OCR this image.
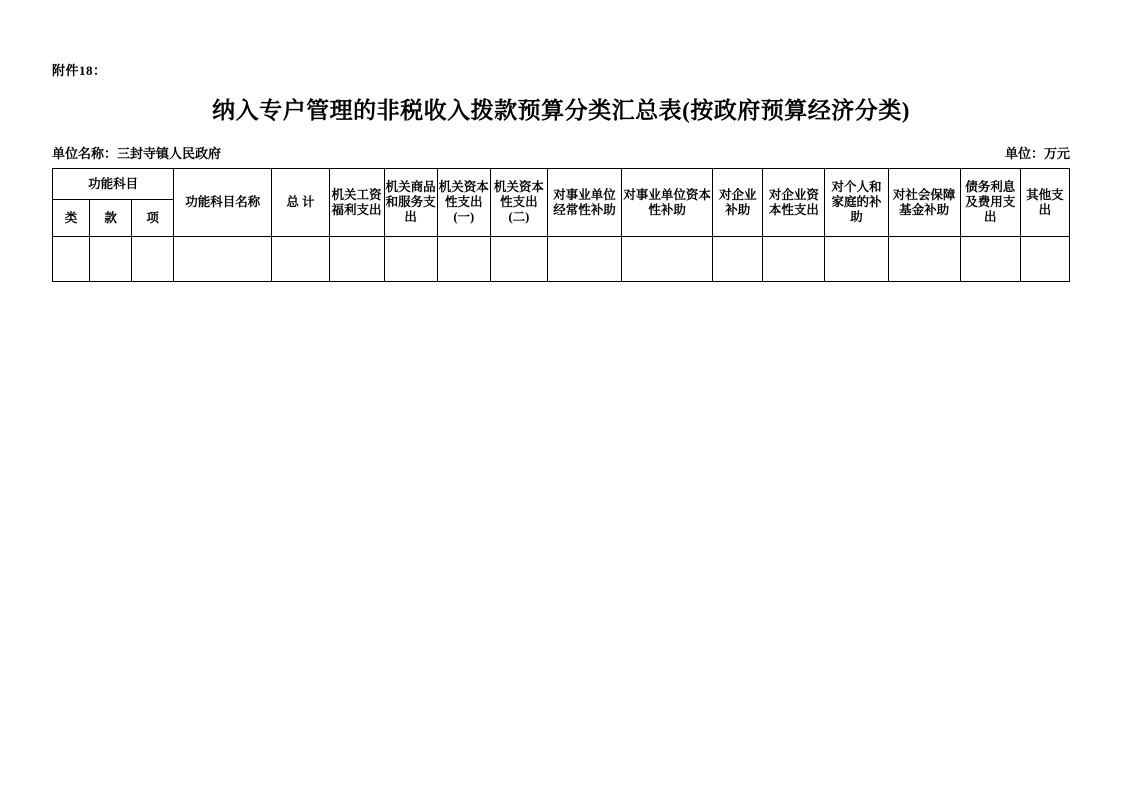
附件18：
纳入专户管理的非税收入拨款预算分类汇总表(按政府预算经济分类)
单位名称：三封寺镇人民政府	单位：万元
功能科目			功能科目名称	总 计	机关工资福利支出	机关商品和服务支出	机关资本性支出(一)	机关资本性支出(二)	对事业单位经常性补助	对事业单位资本性补助	对企业补助	对企业资本性支出	对个人和家庭的补助	对社会保障基金补助	债务利息及费用支出	其他支出
类	款	项														
